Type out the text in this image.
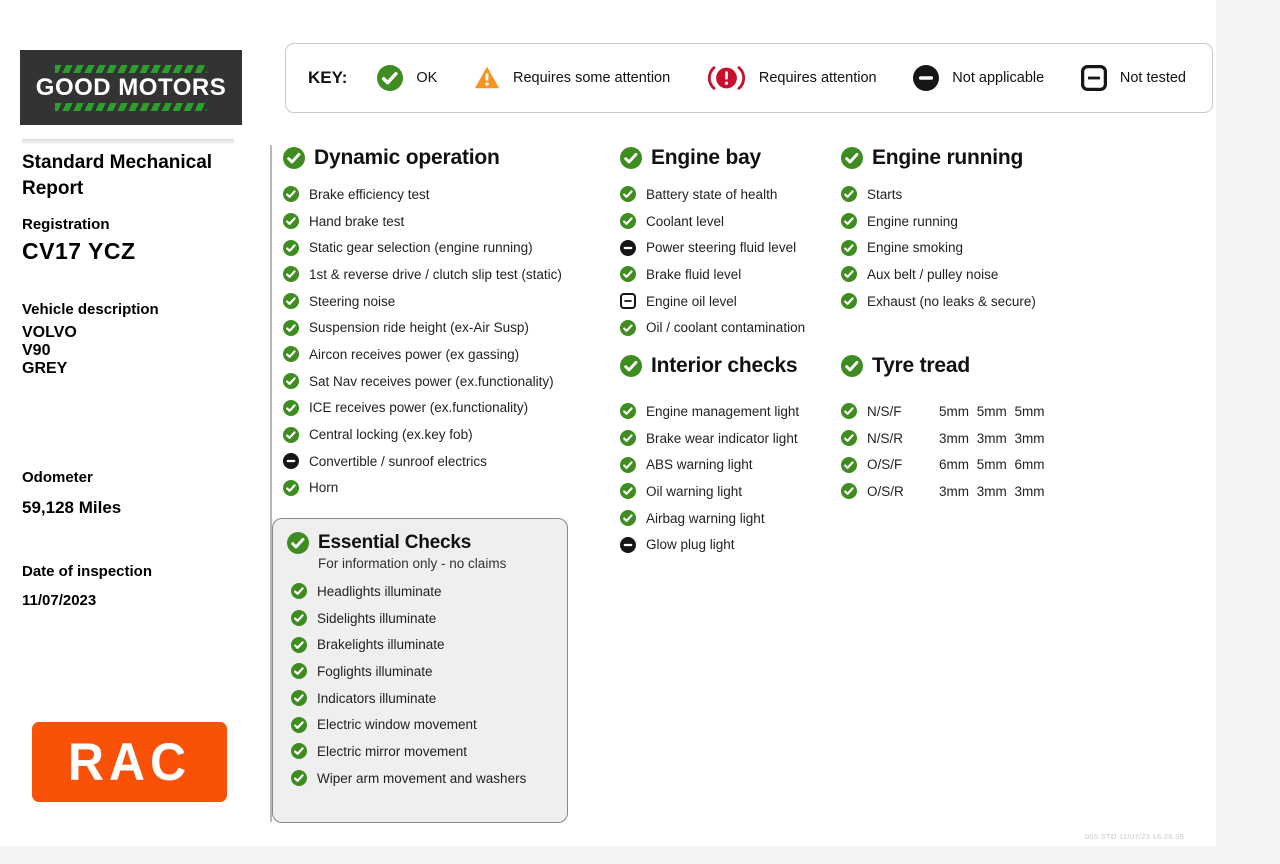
GOOD MOTORS	KEY:	OK	Requires some attention	Requires attention	Not applicable	Not tested
Standard Mechanical Report
Registration
CV17 YCZ
Vehicle description
VOLVO
V90
GREY
Odometer
59,128 Miles
Date of inspection
11/07/2023
RAC
Dynamic operation
Brake efficiency test
Hand brake test
Static gear selection (engine running)
1st & reverse drive / clutch slip test (static)
Steering noise
Suspension ride height (ex-Air Susp)
Aircon receives power (ex gassing)
Sat Nav receives power (ex.functionality)
ICE receives power (ex.functionality)
Central locking (ex.key fob)
Convertible / sunroof electrics
Horn
Essential Checks
For information only - no claims
Headlights illuminate
Sidelights illuminate
Brakelights illuminate
Foglights illuminate
Indicators illuminate
Electric window movement
Electric mirror movement
Wiper arm movement and washers
Engine bay
Battery state of health
Coolant level
Power steering fluid level
Brake fluid level
Engine oil level
Oil / coolant contamination
Interior checks
Engine management light
Brake wear indicator light
ABS warning light
Oil warning light
Airbag warning light
Glow plug light
Engine running
Starts
Engine running
Engine smoking
Aux belt / pulley noise
Exhaust (no leaks & secure)
Tyre tread
N/S/F	5mm 5mm 5mm
N/S/R	3mm 3mm 3mm
O/S/F	6mm 5mm 6mm
O/S/R	3mm 3mm 3mm
005 STD 11/07/23 16.26.39
